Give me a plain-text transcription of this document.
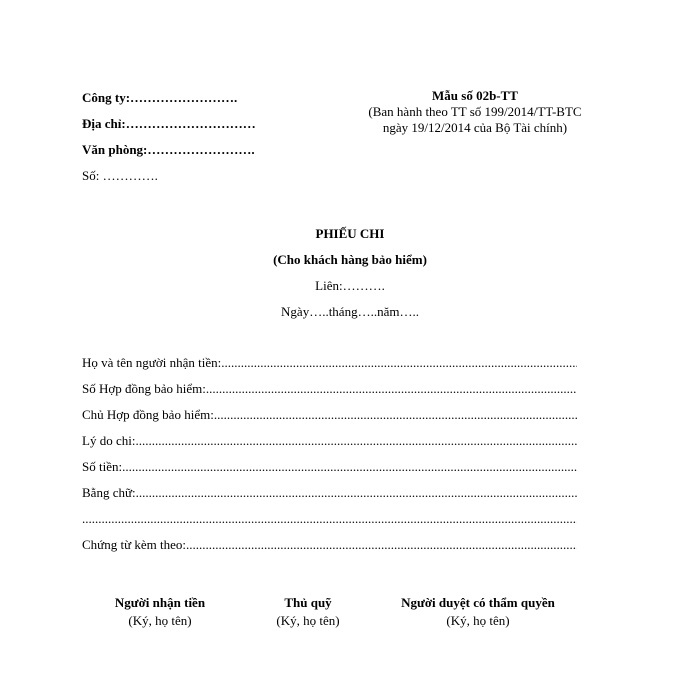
Công ty:…………………….
Địa chỉ:…………………………
Văn phòng:…………………….
Số: ………….
Mẫu số 02b-TT
(Ban hành theo TT số 199/2014/TT-BTC
ngày 19/12/2014 của Bộ Tài chính)
PHIẾU CHI
(Cho khách hàng bảo hiểm)
Liên:……….
Ngày…..tháng…..năm…..
Họ và tên người nhận tiền:
.....
Số Hợp đồng bảo hiểm:
.....
Chủ Hợp đồng bảo hiểm:
.....
Lý do chi:
.....
Số tiền:
.....
Bằng chữ:
.....
.....
Chứng từ kèm theo:
.....
Người nhận tiền
(Ký, họ tên)
Thủ quỹ
(Ký, họ tên)
Người duyệt có thẩm quyền
(Ký, họ tên)
